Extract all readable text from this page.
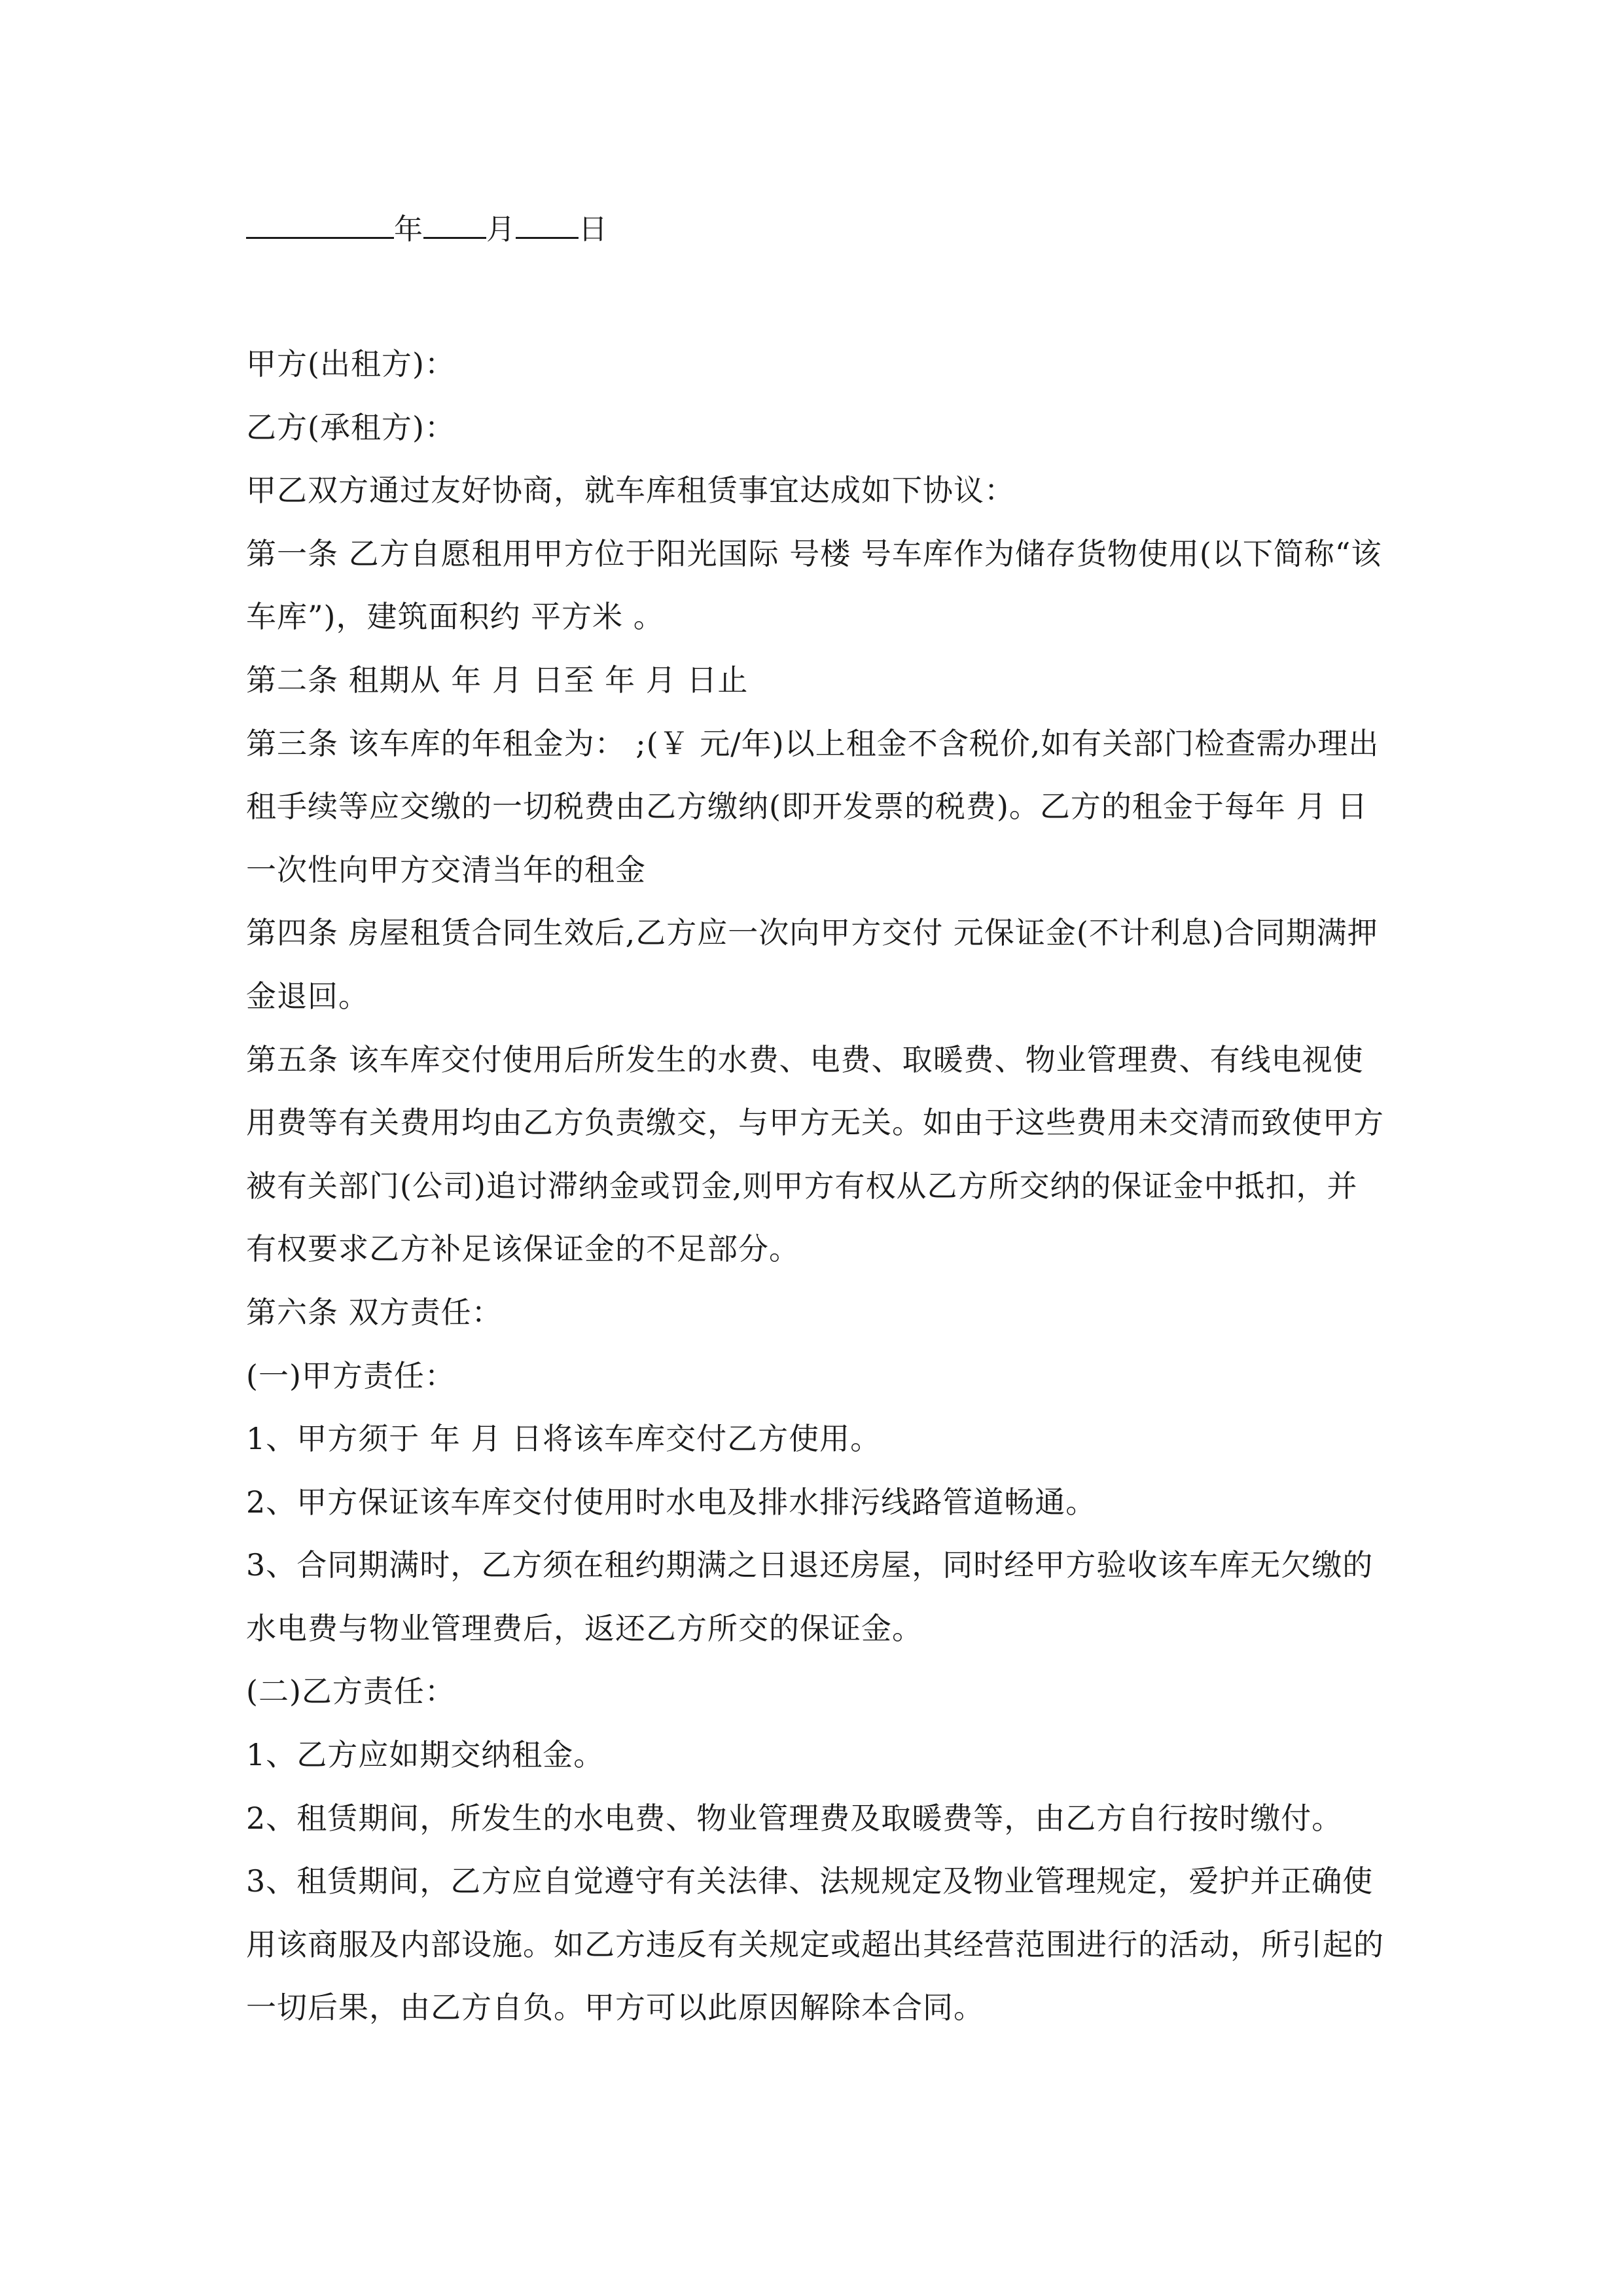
年 月 日

甲方(出租方)：

乙方(承租方)：

甲乙双方通过友好协商，就车库租赁事宜达成如下协议：

第一条 乙方自愿租用甲方位于阳光国际 号楼 号车库作为储存货物使用(以下简称“该车库”)，建筑面积约 平方米 。

第二条 租期从 年 月 日至 年 月 日止

第三条 该车库的年租金为： ;(￥ 元/年)以上租金不含税价,如有关部门检查需办理出租手续等应交缴的一切税费由乙方缴纳(即开发票的税费)。乙方的租金于每年 月 日一次性向甲方交清当年的租金

第四条 房屋租赁合同生效后,乙方应一次向甲方交付 元保证金(不计利息)合同期满押金退回。

第五条 该车库交付使用后所发生的水费、电费、取暖费、物业管理费、有线电视使用费等有关费用均由乙方负责缴交，与甲方无关。如由于这些费用未交清而致使甲方被有关部门(公司)追讨滞纳金或罚金,则甲方有权从乙方所交纳的保证金中抵扣，并有权要求乙方补足该保证金的不足部分。

第六条 双方责任：

(一)甲方责任：

1、甲方须于 年 月 日将该车库交付乙方使用。

2、甲方保证该车库交付使用时水电及排水排污线路管道畅通。

3、合同期满时，乙方须在租约期满之日退还房屋，同时经甲方验收该车库无欠缴的水电费与物业管理费后，返还乙方所交的保证金。

(二)乙方责任：

1、乙方应如期交纳租金。

2、租赁期间，所发生的水电费、物业管理费及取暖费等，由乙方自行按时缴付。

3、租赁期间，乙方应自觉遵守有关法律、法规规定及物业管理规定，爱护并正确使用该商服及内部设施。如乙方违反有关规定或超出其经营范围进行的活动，所引起的一切后果，由乙方自负。甲方可以此原因解除本合同。
